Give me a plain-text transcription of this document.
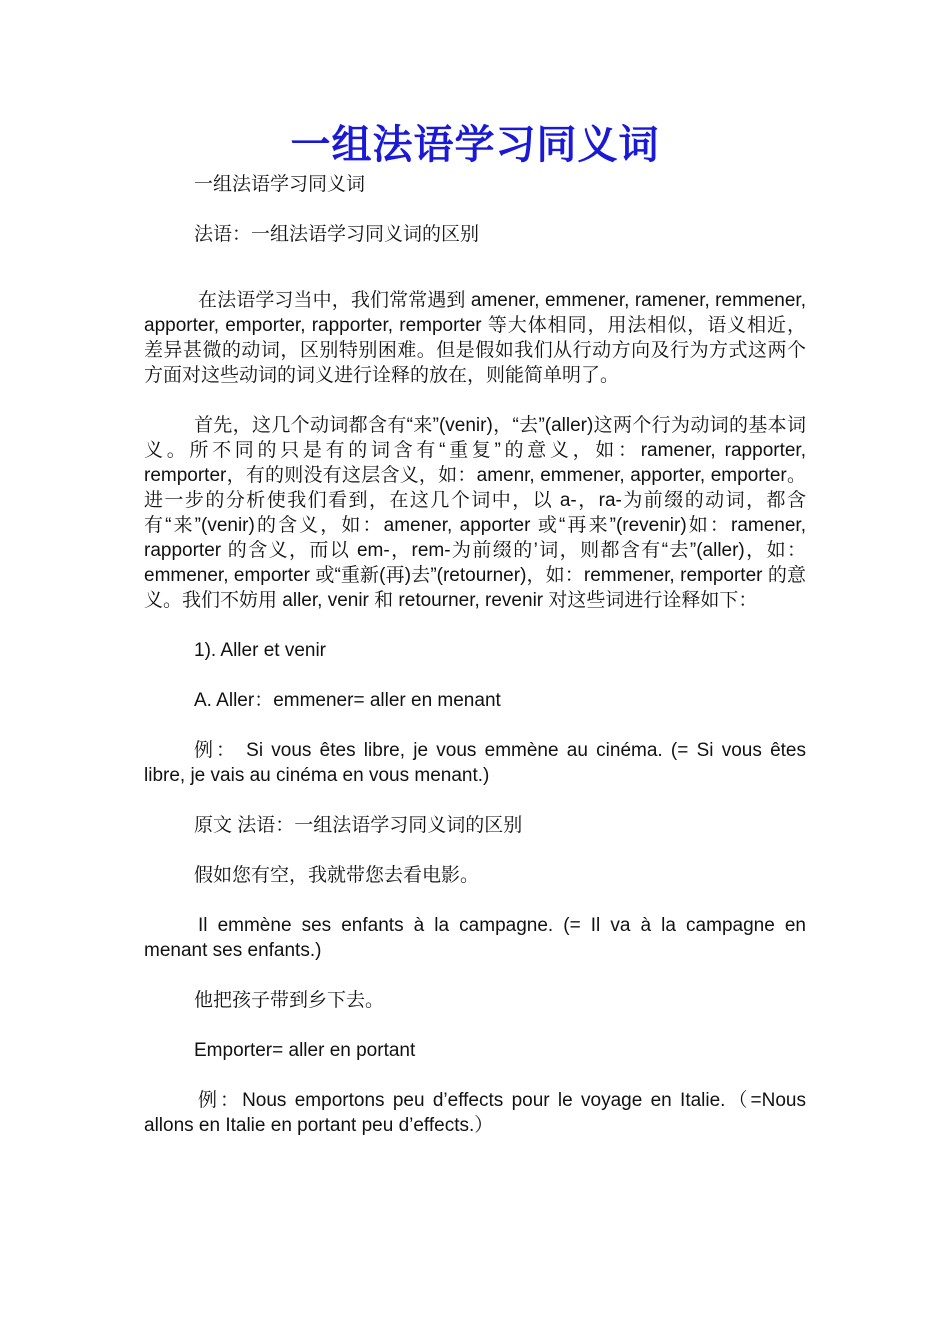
一组法语学习同义词

一组法语学习同义词

法语：一组法语学习同义词的区别

在法语学习当中，我们常常遇到 amener, emmener, ramener, remmener, apporter, emporter, rapporter, remporter 等大体相同，用法相似，语义相近，差异甚微的动词，区别特别困难。但是假如我们从行动方向及行为方式这两个方面对这些动词的词义进行诠释的放在，则能简单明了。

首先，这几个动词都含有“来”(venir)，“去”(aller)这两个行为动词的基本词义。所不同的只是有的词含有“重复”的意义，如：ramener, rapporter, remporter，有的则没有这层含义，如：amenr, emmener, apporter, emporter。进一步的分析使我们看到，在这几个词中，以 a-，ra-为前缀的动词，都含有“来”(venir)的含义，如：amener, apporter 或“再来”(revenir)如：ramener, rapporter 的含义，而以 em-，rem-为前缀的’词，则都含有“去”(aller)，如：emmener, emporter 或“重新(再)去”(retourner)，如：remmener, remporter 的意义。我们不妨用 aller, venir 和 retourner, revenir 对这些词进行诠释如下：

1). Aller et venir

A. Aller：emmener= aller en menant

例： Si vous êtes libre, je vous emmène au cinéma. (= Si vous êtes libre, je vais au cinéma en vous menant.)

原文 法语：一组法语学习同义词的区别

假如您有空，我就带您去看电影。

Il emmène ses enfants à la campagne. (= Il va à la campagne en menant ses enfants.)

他把孩子带到乡下去。

Emporter= aller en portant

例：Nous emportons peu d’effects pour le voyage en Italie.（=Nous allons en Italie en portant peu d’effects.）
